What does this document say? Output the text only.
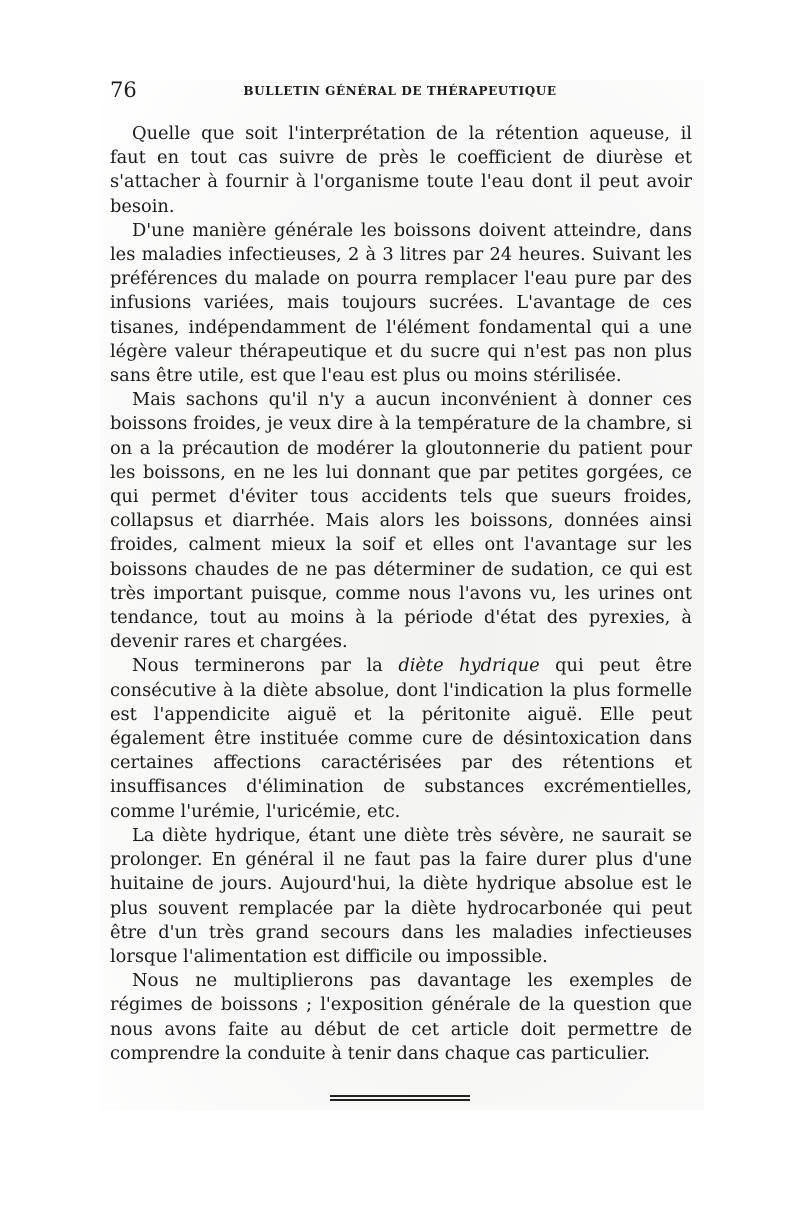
76	BULLETIN GÉNÉRAL DE THÉRAPEUTIQUE

Quelle que soit l'interprétation de la rétention aqueuse, il faut en tout cas suivre de près le coefficient de diurèse et s'attacher à fournir à l'organisme toute l'eau dont il peut avoir besoin.

D'une manière générale les boissons doivent atteindre, dans les maladies infectieuses, 2 à 3 litres par 24 heures. Suivant les préférences du malade on pourra remplacer l'eau pure par des infusions variées, mais toujours sucrées. L'avantage de ces tisanes, indépendamment de l'élément fondamental qui a une légère valeur thérapeutique et du sucre qui n'est pas non plus sans être utile, est que l'eau est plus ou moins stérilisée.

Mais sachons qu'il n'y a aucun inconvénient à donner ces boissons froides, je veux dire à la température de la chambre, si on a la précaution de modérer la gloutonnerie du patient pour les boissons, en ne les lui donnant que par petites gorgées, ce qui permet d'éviter tous accidents tels que sueurs froides, collapsus et diarrhée. Mais alors les boissons, données ainsi froides, calment mieux la soif et elles ont l'avantage sur les boissons chaudes de ne pas déterminer de sudation, ce qui est très important puisque, comme nous l'avons vu, les urines ont tendance, tout au moins à la période d'état des pyrexies, à devenir rares et chargées.

Nous terminerons par la diète hydrique qui peut être consécutive à la diète absolue, dont l'indication la plus formelle est l'appendicite aiguë et la péritonite aiguë. Elle peut également être instituée comme cure de désintoxication dans certaines affections caractérisées par des rétentions et insuffisances d'élimination de substances excrémentielles, comme l'urémie, l'uricémie, etc.

La diète hydrique, étant une diète très sévère, ne saurait se prolonger. En général il ne faut pas la faire durer plus d'une huitaine de jours. Aujourd'hui, la diète hydrique absolue est le plus souvent remplacée par la diète hydrocarbonée qui peut être d'un très grand secours dans les maladies infectieuses lorsque l'alimentation est difficile ou impossible.

Nous ne multiplierons pas davantage les exemples de régimes de boissons ; l'exposition générale de la question que nous avons faite au début de cet article doit permettre de comprendre la conduite à tenir dans chaque cas particulier.
